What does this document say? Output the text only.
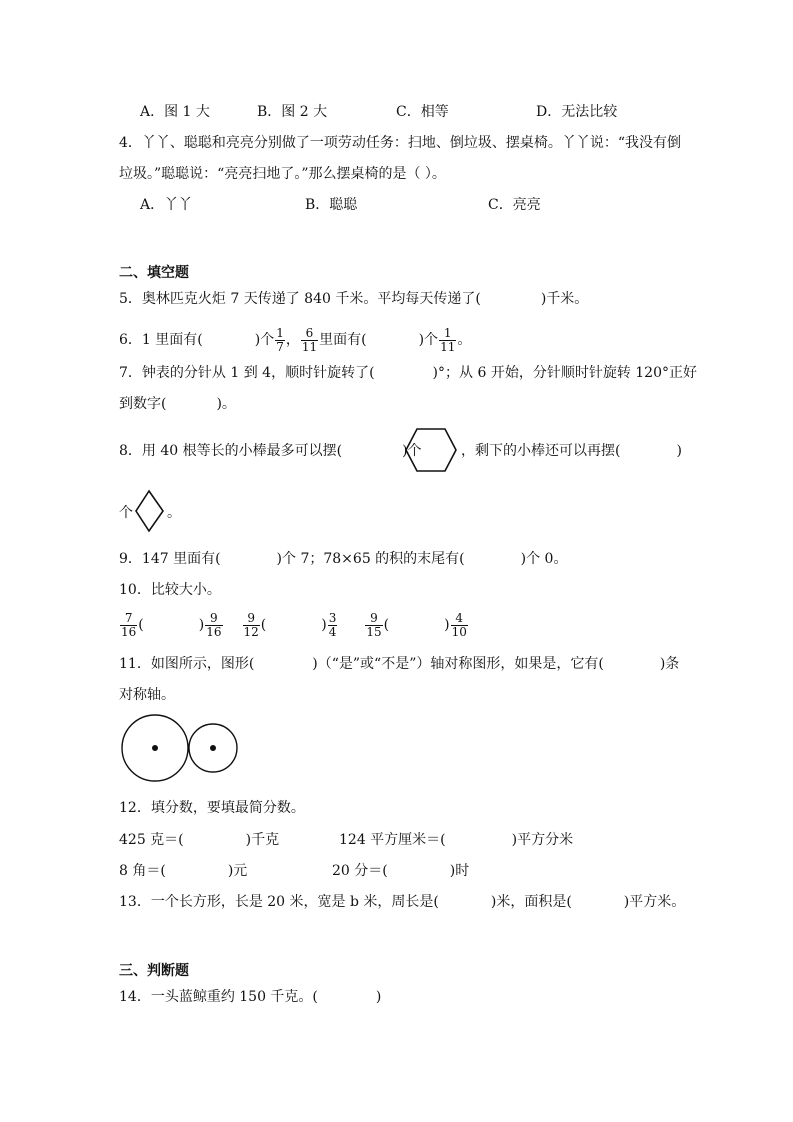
A．图 1 大	B．图 2 大	C．相等	D．无法比较
4．丫丫、聪聪和亮亮分别做了一项劳动任务：扫地、倒垃圾、摆桌椅。丫丫说：“我没有倒
垃圾。”聪聪说：“亮亮扫地了。”那么摆桌椅的是（ ）。
A．丫丫	B．聪聪	C．亮亮
二、填空题
5．奥林匹克火炬 7 天传递了 840 千米。平均每天传递了(	)千米。
6．1 里面有(	)个 $\frac{1}{7}$ ， $\frac{6}{11}$ 里面有(	)个 $\frac{1}{11}$ 。
7．钟表的分针从 1 到 4，顺时针旋转了(	)°；从 6 开始，分针顺时针旋转 120°正好
到数字(	)。
8．用 40 根等长的小棒最多可以摆(	)个	，剩下的小棒还可以再摆(	)
个 。
9．147 里面有(	)个 7；78×65 的积的末尾有(	)个 0。
10．比较大小。
$\frac{7}{16}$ (	) $\frac{9}{16} \frac{9}{12}$ (	) $\frac{3}{4} \frac{9}{15}$ (	) $\frac{4}{10}$
11．如图所示，图形(	)（“是”或“不是”）轴对称图形，如果是，它有(	)条
对称轴。
12．填分数，要填最简分数。
425 克＝(	)千克	124 平方厘米＝(	)平方分米
8 角＝(	)元	20 分＝(	)时
13．一个长方形，长是 20 米，宽是 b 米，周长是(	)米，面积是(	)平方米。
三、判断题
14．一头蓝鲸重约 150 千克。(	)
